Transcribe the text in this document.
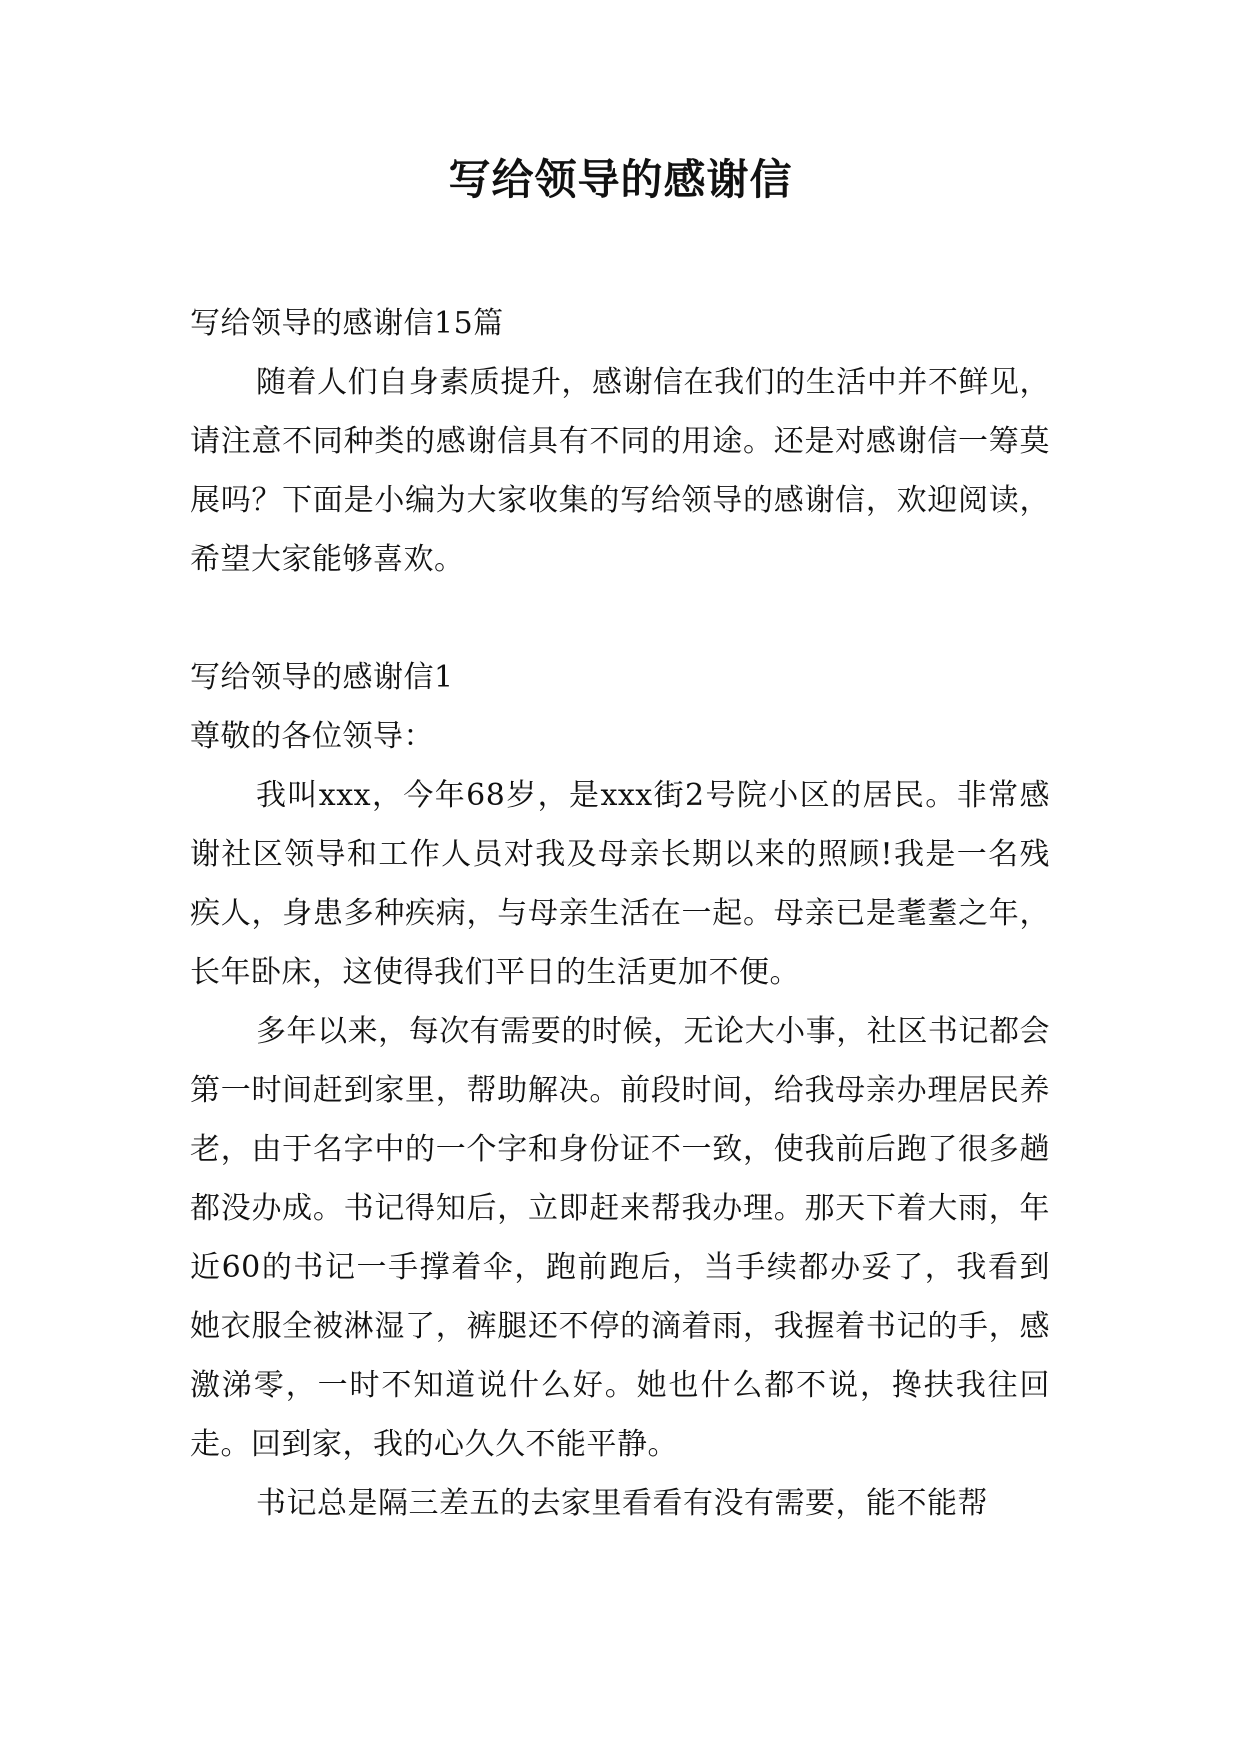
写给领导的感谢信

写给领导的感谢信15篇

随着人们自身素质提升，感谢信在我们的生活中并不鲜见，请注意不同种类的感谢信具有不同的用途。还是对感谢信一筹莫展吗？下面是小编为大家收集的写给领导的感谢信，欢迎阅读，希望大家能够喜欢。

写给领导的感谢信1

尊敬的各位领导：

我叫xxx，今年68岁，是xxx街2号院小区的居民。非常感谢社区领导和工作人员对我及母亲长期以来的照顾!我是一名残疾人，身患多种疾病，与母亲生活在一起。母亲已是耄耋之年，长年卧床，这使得我们平日的生活更加不便。

多年以来，每次有需要的时候，无论大小事，社区书记都会第一时间赶到家里，帮助解决。前段时间，给我母亲办理居民养老，由于名字中的一个字和身份证不一致，使我前后跑了很多趟都没办成。书记得知后，立即赶来帮我办理。那天下着大雨，年近60的书记一手撑着伞，跑前跑后，当手续都办妥了，我看到她衣服全被淋湿了，裤腿还不停的滴着雨，我握着书记的手，感激涕零，一时不知道说什么好。她也什么都不说，搀扶我往回走。回到家，我的心久久不能平静。

书记总是隔三差五的去家里看看有没有需要，能不能帮
